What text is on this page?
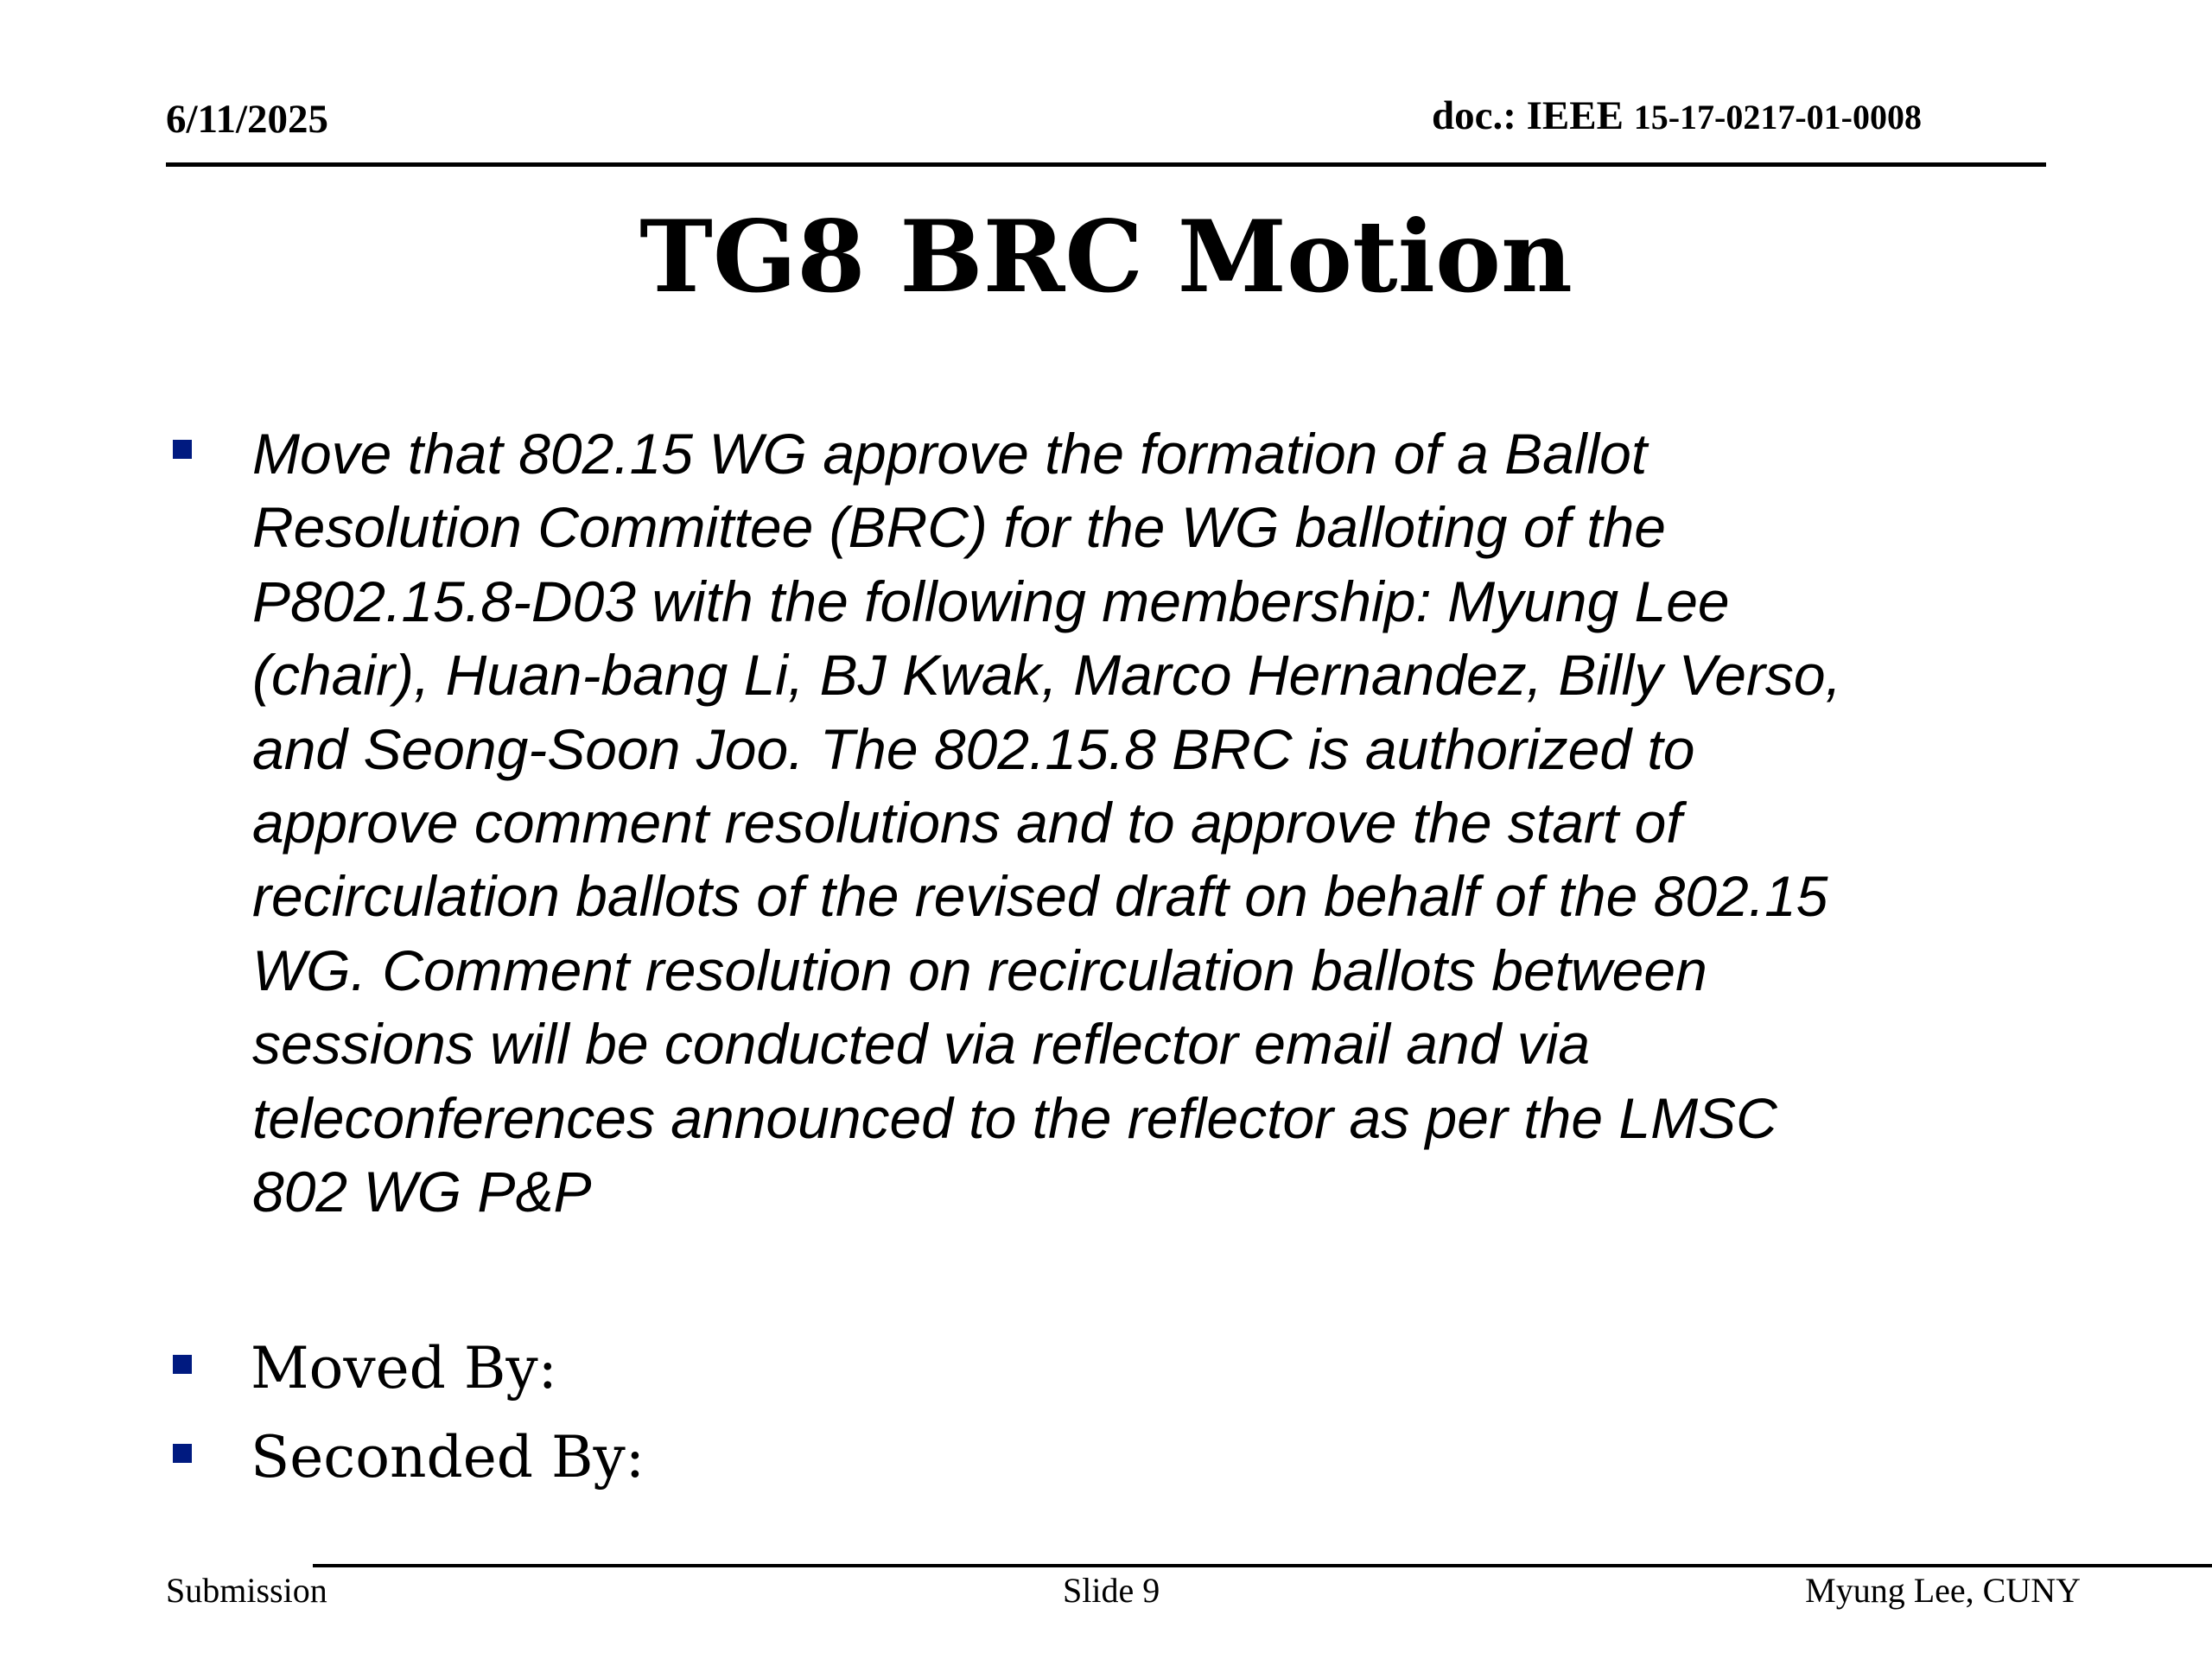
6/11/2025	doc.: IEEE 15-17-0217-01-0008
TG8 BRC Motion
Move that 802.15 WG approve the formation of a Ballot
Resolution Committee (BRC) for the WG balloting of the
P802.15.8-D03 with the following membership: Myung Lee
(chair), Huan-bang Li, BJ Kwak, Marco Hernandez, Billy Verso,
and Seong-Soon Joo. The 802.15.8 BRC is authorized to
approve comment resolutions and to approve the start of
recirculation ballots of the revised draft on behalf of the 802.15
WG. Comment resolution on recirculation ballots between
sessions will be conducted via reflector email and via
teleconferences announced to the reflector as per the LMSC
802 WG P&P
Moved By:
Seconded By:
Submission	Slide 9	Myung Lee, CUNY
